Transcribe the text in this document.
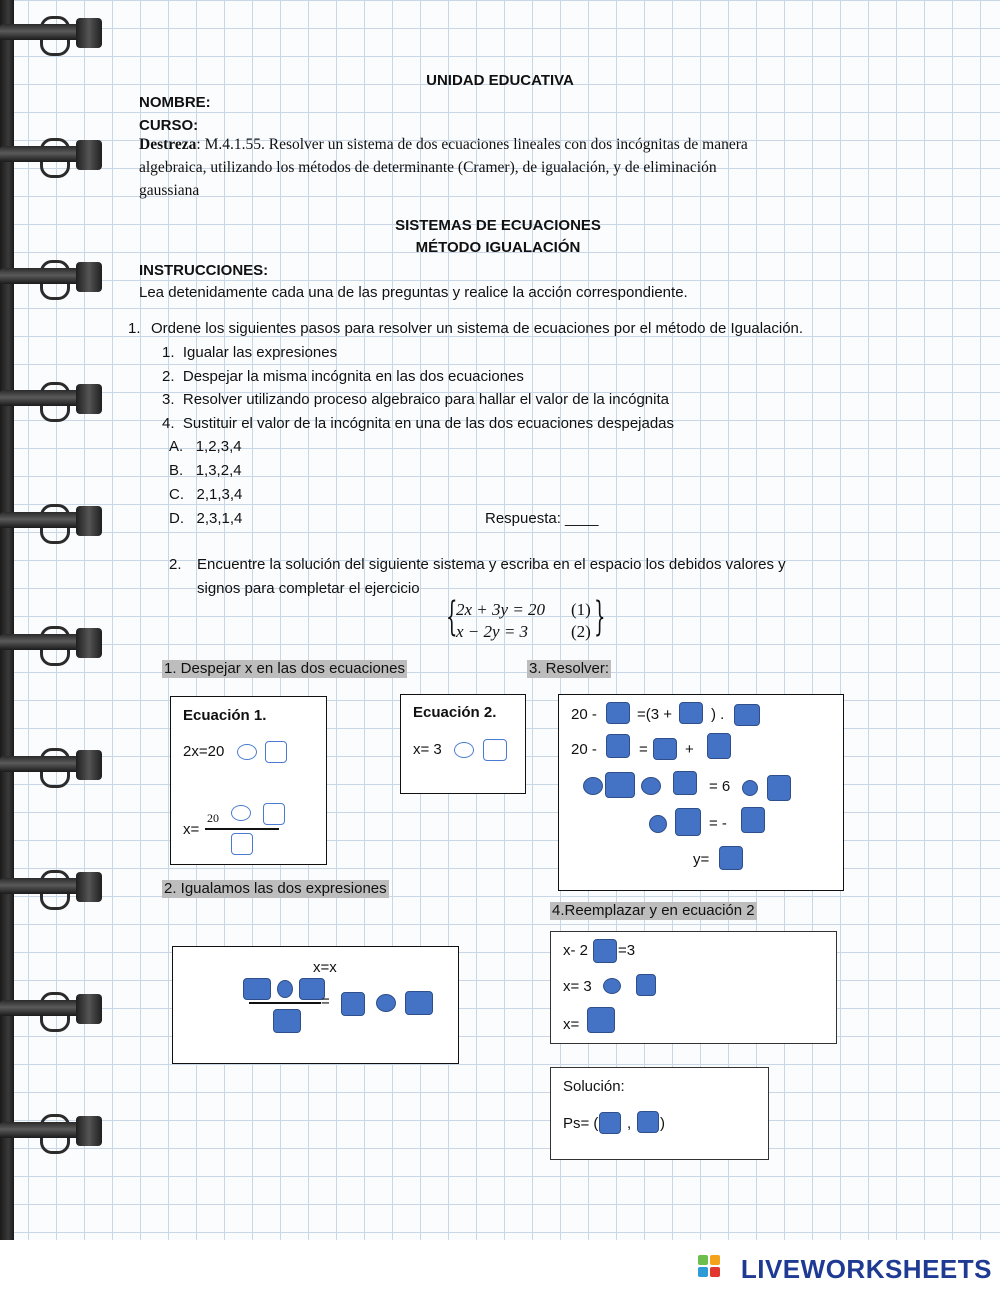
UNIDAD EDUCATIVA
NOMBRE:
CURSO:
Destreza: M.4.1.55. Resolver un sistema de dos ecuaciones lineales con dos incógnitas de manera
algebraica, utilizando los métodos de determinante (Cramer), de igualación, y de eliminación
gaussiana
SISTEMAS DE ECUACIONES
MÉTODO IGUALACIÓN
INSTRUCCIONES:
Lea detenidamente cada una de las preguntas y realice la acción correspondiente.
1. Ordene los siguientes pasos para resolver un sistema de ecuaciones por el método de Igualación.
1. Igualar las expresiones
2. Despejar la misma incógnita en las dos ecuaciones
3. Resolver utilizando proceso algebraico para hallar el valor de la incógnita
4. Sustituir el valor de la incógnita en una de las dos ecuaciones despejadas
A. 1,2,3,4
B. 1,3,2,4
C. 2,1,3,4
D. 2,3,1,4	Respuesta: ____
2. Encuentre la solución del siguiente sistema y escriba en el espacio los debidos valores y
signos para completar el ejercicio
{
2x + 3y = 20 (1)
x − 2y = 3	(2) }
1. Despejar x en las dos ecuaciones	3. Resolver:
Ecuación 1.
2x=20
x=
20
Ecuación 2.
x= 3
20 -	=(3 +	) .
20 -	= +
= 6
= -
y=
2. Igualamos las dos expresiones
4.Reemplazar y en ecuación 2
x=x
=
x- 2 =3
x= 3
x=
Solución:
Ps= ( , )
LIVEWORKSHEETS
